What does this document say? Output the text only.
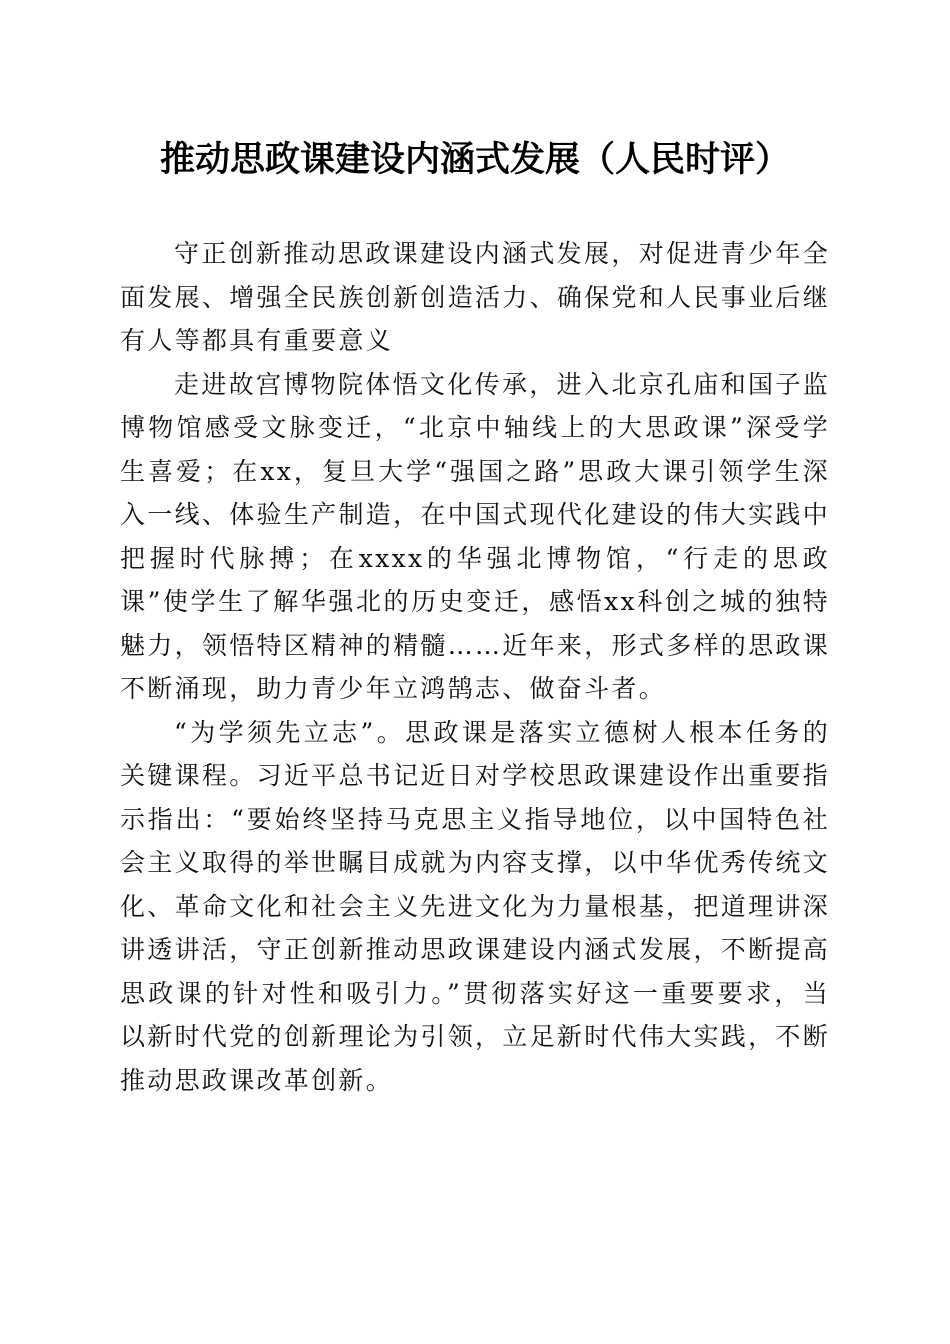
推动思政课建设内涵式发展（人民时评）

守正创新推动思政课建设内涵式发展，对促进青少年全面发展、增强全民族创新创造活力、确保党和人民事业后继有人等都具有重要意义

走进故宫博物院体悟文化传承，进入北京孔庙和国子监博物馆感受文脉变迁，“北京中轴线上的大思政课”深受学生喜爱；在xx，复旦大学“强国之路”思政大课引领学生深入一线、体验生产制造，在中国式现代化建设的伟大实践中把握时代脉搏；在xxxx的华强北博物馆，“行走的思政课”使学生了解华强北的历史变迁，感悟xx科创之城的独特魅力，领悟特区精神的精髓……近年来，形式多样的思政课不断涌现，助力青少年立鸿鹄志、做奋斗者。

“为学须先立志”。思政课是落实立德树人根本任务的关键课程。习近平总书记近日对学校思政课建设作出重要指示指出：“要始终坚持马克思主义指导地位，以中国特色社会主义取得的举世瞩目成就为内容支撑，以中华优秀传统文化、革命文化和社会主义先进文化为力量根基，把道理讲深讲透讲活，守正创新推动思政课建设内涵式发展，不断提高思政课的针对性和吸引力。”贯彻落实好这一重要要求，当以新时代党的创新理论为引领，立足新时代伟大实践，不断推动思政课改革创新。
